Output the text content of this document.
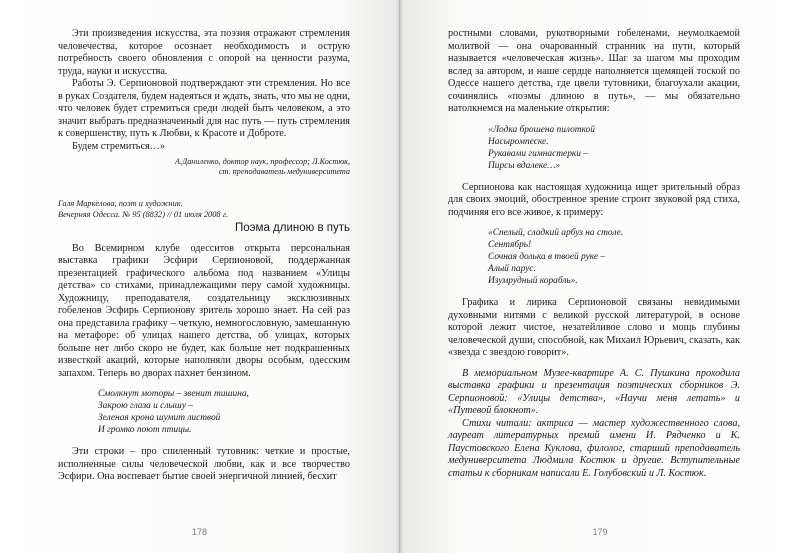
Эти произведения искусства, эта поэзия отражают стремления человечества, которое осознает необходимость и острую потребность своего обновления с опорой на ценности разума, труда, науки и искусства.

Работы Э. Серпионовой подтверждают эти стремления. Но все в руках Создателя, будем надеяться и ждать, знать, что мы не одни, что человек будет стремиться среди людей быть человеком, а это значит выбрать предназначенный для нас путь — путь стремления к совершенству, путь к Любви, к Красоте и Доброте.

Будем стремиться…»

А.Даниленко, доктор наук, профессор; Л.Костюк,
ст. преподаватель медуниверситета
Галя Маркелова, поэт и художник.
Вечерняя Одесса. № 95 (8832) // 01 июля 2008 г.
Поэма длиною в путь

Во Всемирном клубе одесситов открыта персональная выставка графики Эсфири Серпионовой, поддержанная презентацией графического альбома под названием «Улицы детства» со стихами, принадлежащими перу самой художницы. Художницу, преподавателя, создательницу эксклюзивных гобеленов Эсфирь Серпионову зритель хорошо знает. На сей раз она представила графику – четкую, немногословную, замешанную на метафоре: об улицах нашего детства, об улицах, которых больше нет либо скоро не будет, как больше нет подкрашенных известкой акаций, которые наполняли дворы особым, одесским запахом. Теперь во дворах пахнет бензином.

Смолкнут моторы – звенит тишина,
Закрою глаза и слышу –
Зеленая крона шумит листвой
И громко поют птицы.

Эти строки – про спиленный тутовник: четкие и простые, исполненные силы человеческой любви, как и все творчество Эсфири. Она воспевает бытие своей энергичной линией, бесхит

178

ростными словами, рукотворными гобеленами, неумолкаемой молитвой — она очарованный странник на пути, который называется «человеческая жизнь». Шаг за шагом мы проходим вслед за автором, и наше сердце наполняется щемящей тоской по Одессе нашего детства, где цвели тутовники, благоухали акации, сочинялись «поэмы длиною в путь», — мы обязательно натолкнемся на маленькие открытия:

«Лодка брошена пилоткой
Насыромпеске.
Рукавами гимнастерки –
Пирсы вдалеке…»

Серпионова как настоящая художница ищет зрительный образ для своих эмоций, обостренное зрение строит звуковой ряд стиха, подчиняя его все живое, к примеру:

«Спелый, сладкий арбуз на столе.
Сентябрь!
Сочная долька в твоей руке –
Алый парус.
Изумрудный корабль».

Графика и лирика Серпионовой связаны невидимыми духовными нитями с великой русской литературой, в основе которой лежит чистое, незатейливое слово и мощь глубины человеческой души, способной, как Михаил Юрьевич, сказать, как «звезда с звездою говорит».

В мемориальном Музее-квартире А. С. Пушкина проходила выставка графики и презентация поэтических сборников Э. Серпионовой: «Улицы детства», «Научи меня летать» и «Путевой блокнот».

Стихи читали: актриса — мастер художественного слова, лауреат литературных премий имени И. Рядченко и К. Паустовского Елена Куклова, филолог, старший преподаватель медуниверситета Людмила Костюк и другие. Вступительные статьи к сборникам написали Е. Голубовский и Л. Костюк.

179
